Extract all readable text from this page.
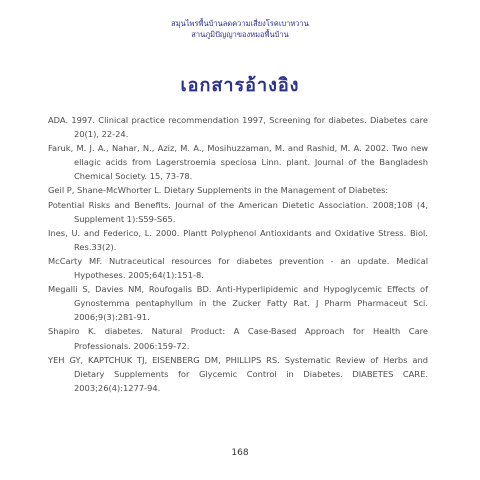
สมุนไพรพื้นบ้านลดความเสี่ยงโรคเบาหวาน
สานภูมิปัญญาของหมอพื้นบ้าน
เอกสารอ้างอิง

ADA. 1997. Clinical practice recommendation 1997, Screening for diabetes. Diabetes care 20(1), 22-24.

Faruk, M. J. A., Nahar, N., Aziz, M. A., Mosihuzzaman, M. and Rashid, M. A. 2002. Two new ellagic acids from Lagerstroemia speciosa Linn. plant. Journal of the Bangladesh Chemical Society. 15, 73-78.

Geil P, Shane-McWhorter L. Dietary Supplements in the Management of Diabetes:

Potential Risks and Benefits. Journal of the American Dietetic Association. 2008;108 (4, Supplement 1):S59-S65.

Ines, U. and Federico, L. 2000. Plantt Polyphenol Antioxidants and Oxidative Stress. Biol. Res.33(2).

McCarty MF. Nutraceutical resources for diabetes prevention - an update. Medical Hypotheses. 2005;64(1):151-8.

Megalli S, Davies NM, Roufogalis BD. Anti-Hyperlipidemic and Hypoglycemic Effects of Gynostemma pentaphyllum in the Zucker Fatty Rat. J Pharm Pharmaceut Sci. 2006;9(3):281-91.

Shapiro K. diabetes. Natural Product: A Case-Based Approach for Health Care Professionals. 2006:159-72.

YEH GY, KAPTCHUK TJ, EISENBERG DM, PHILLIPS RS. Systematic Review of Herbs and Dietary Supplements for Glycemic Control in Diabetes. DIABETES CARE. 2003;26(4):1277-94.

168
